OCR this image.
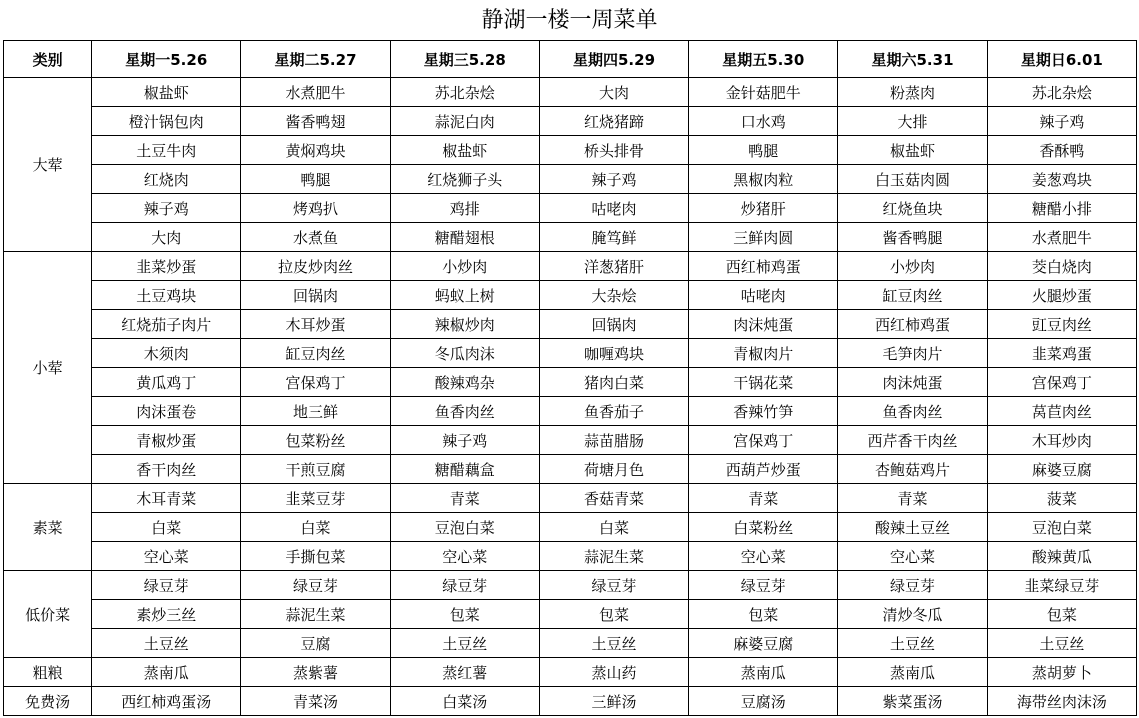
静湖一楼一周菜单
类别	星期一5.26	星期二5.27	星期三5.28	星期四5.29	星期五5.30	星期六5.31	星期日6.01
大荤	椒盐虾	水煮肥牛	苏北杂烩	大肉	金针菇肥牛	粉蒸肉	苏北杂烩
	橙汁锅包肉	酱香鸭翅	蒜泥白肉	红烧猪蹄	口水鸡	大排	辣子鸡
	土豆牛肉	黄焖鸡块	椒盐虾	桥头排骨	鸭腿	椒盐虾	香酥鸭
	红烧肉	鸭腿	红烧狮子头	辣子鸡	黑椒肉粒	白玉菇肉圆	姜葱鸡块
	辣子鸡	烤鸡扒	鸡排	咕咾肉	炒猪肝	红烧鱼块	糖醋小排
	大肉	水煮鱼	糖醋翅根	腌笃鲜	三鲜肉圆	酱香鸭腿	水煮肥牛
小荤	韭菜炒蛋	拉皮炒肉丝	小炒肉	洋葱猪肝	西红柿鸡蛋	小炒肉	茭白烧肉
	土豆鸡块	回锅肉	蚂蚁上树	大杂烩	咕咾肉	缸豆肉丝	火腿炒蛋
	红烧茄子肉片	木耳炒蛋	辣椒炒肉	回锅肉	肉沫炖蛋	西红柿鸡蛋	豇豆肉丝
	木须肉	缸豆肉丝	冬瓜肉沫	咖喱鸡块	青椒肉片	毛笋肉片	韭菜鸡蛋
	黄瓜鸡丁	宫保鸡丁	酸辣鸡杂	猪肉白菜	干锅花菜	肉沫炖蛋	宫保鸡丁
	肉沫蛋卷	地三鲜	鱼香肉丝	鱼香茄子	香辣竹笋	鱼香肉丝	莴苣肉丝
	青椒炒蛋	包菜粉丝	辣子鸡	蒜苗腊肠	宫保鸡丁	西芹香干肉丝	木耳炒肉
	香干肉丝	干煎豆腐	糖醋藕盒	荷塘月色	西葫芦炒蛋	杏鲍菇鸡片	麻婆豆腐
素菜	木耳青菜	韭菜豆芽	青菜	香菇青菜	青菜	青菜	菠菜
	白菜	白菜	豆泡白菜	白菜	白菜粉丝	酸辣土豆丝	豆泡白菜
	空心菜	手撕包菜	空心菜	蒜泥生菜	空心菜	空心菜	酸辣黄瓜
低价菜	绿豆芽	绿豆芽	绿豆芽	绿豆芽	绿豆芽	绿豆芽	韭菜绿豆芽
	素炒三丝	蒜泥生菜	包菜	包菜	包菜	清炒冬瓜	包菜
	土豆丝	豆腐	土豆丝	土豆丝	麻婆豆腐	土豆丝	土豆丝
粗粮	蒸南瓜	蒸紫薯	蒸红薯	蒸山药	蒸南瓜	蒸南瓜	蒸胡萝卜
免费汤	西红柿鸡蛋汤	青菜汤	白菜汤	三鲜汤	豆腐汤	紫菜蛋汤	海带丝肉沫汤
